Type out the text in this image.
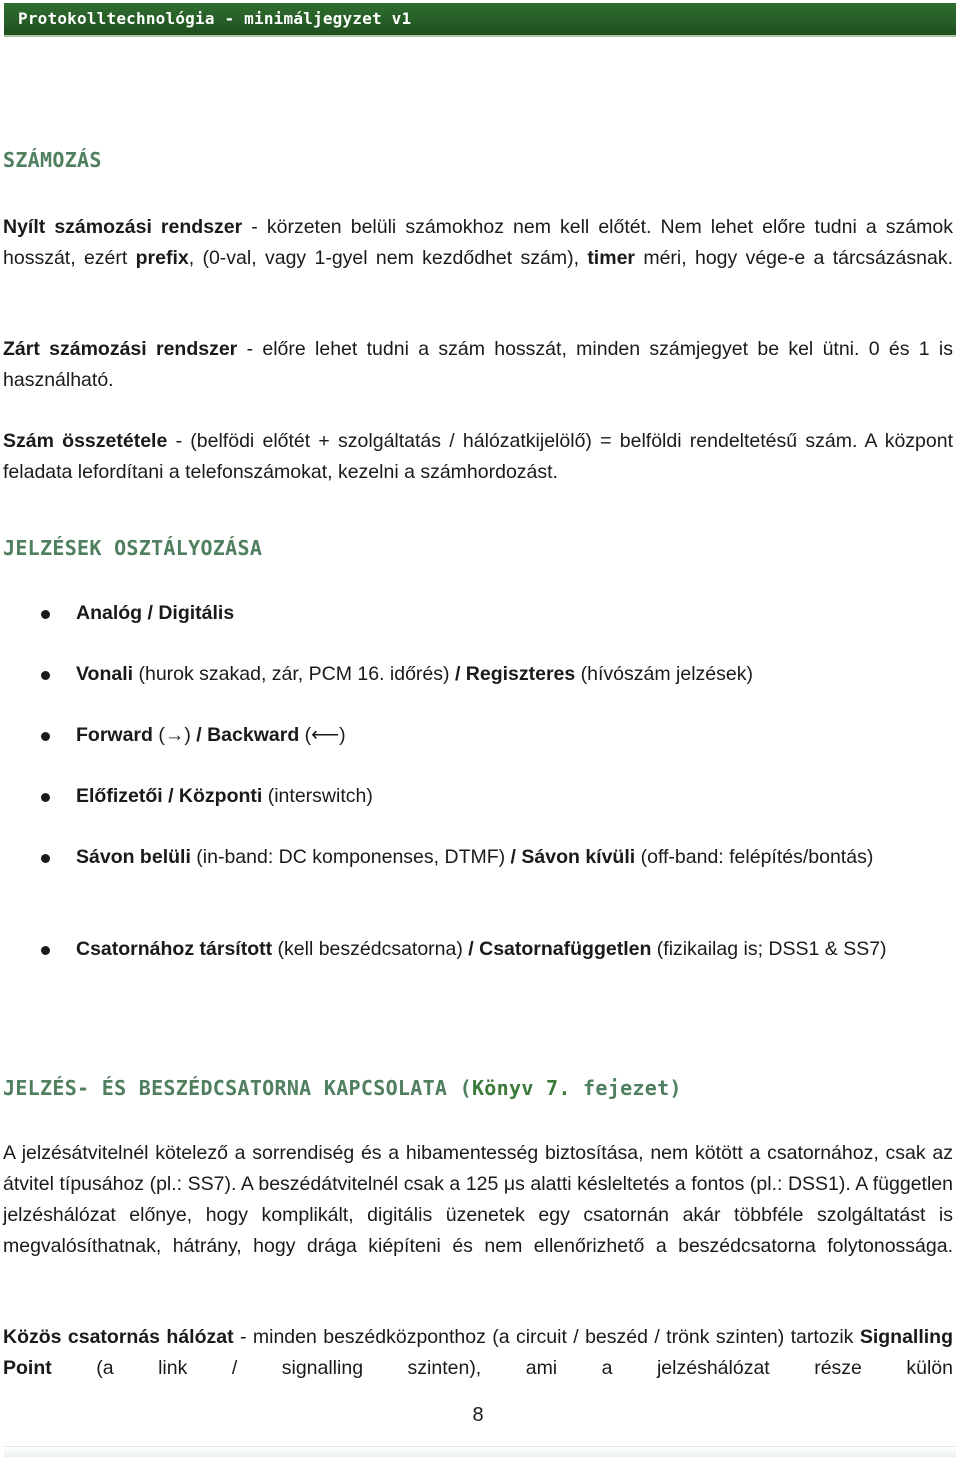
Protokolltechnológia - minimáljegyzet v1
SZÁMOZÁS
Nyílt számozási rendszer - körzeten belüli számokhoz nem kell előtét. Nem lehet előre tudni a számok hosszát, ezért prefix, (0-val, vagy 1-gyel nem kezdődhet szám), timer méri, hogy vége-e a tárcsázásnak.
Zárt számozási rendszer - előre lehet tudni a szám hosszát, minden számjegyet be kel ütni. 0 és 1 is használható.
Szám összetétele - (belfödi előtét + szolgáltatás / hálózatkijelölő) = belföldi rendeltetésű szám. A központ feladata lefordítani a telefonszámokat, kezelni a számhordozást.
JELZÉSEK OSZTÁLYOZÁSA
Analóg / Digitális
Vonali (hurok szakad, zár, PCM 16. időrés) / Regiszteres (hívószám jelzések)
Forward (→) / Backward (⟵)
Előfizetői / Központi (interswitch)
Sávon belüli (in-band: DC komponenses, DTMF) / Sávon kívüli (off-band: felépítés/bontás)
Csatornához társított (kell beszédcsatorna) / Csatornafüggetlen (fizikailag is; DSS1 & SS7)
JELZÉS- ÉS BESZÉDCSATORNA KAPCSOLATA (Könyv 7. fejezet)
A jelzésátvitelnél kötelező a sorrendiség és a hibamentesség biztosítása, nem kötött a csatornához, csak az átvitel típusához (pl.: SS7). A beszédátvitelnél csak a 125 μs alatti késleltetés a fontos (pl.: DSS1). A független jelzéshálózat előnye, hogy komplikált, digitális üzenetek egy csatornán akár többféle szolgáltatást is megvalósíthatnak, hátrány, hogy drága kiépíteni és nem ellenőrizhető a beszédcsatorna folytonossága.
Közös csatornás hálózat - minden beszédközponthoz (a circuit / beszéd / trönk szinten) tartozik Signalling Point (a link / signalling szinten), ami a jelzéshálózat része külön
8
